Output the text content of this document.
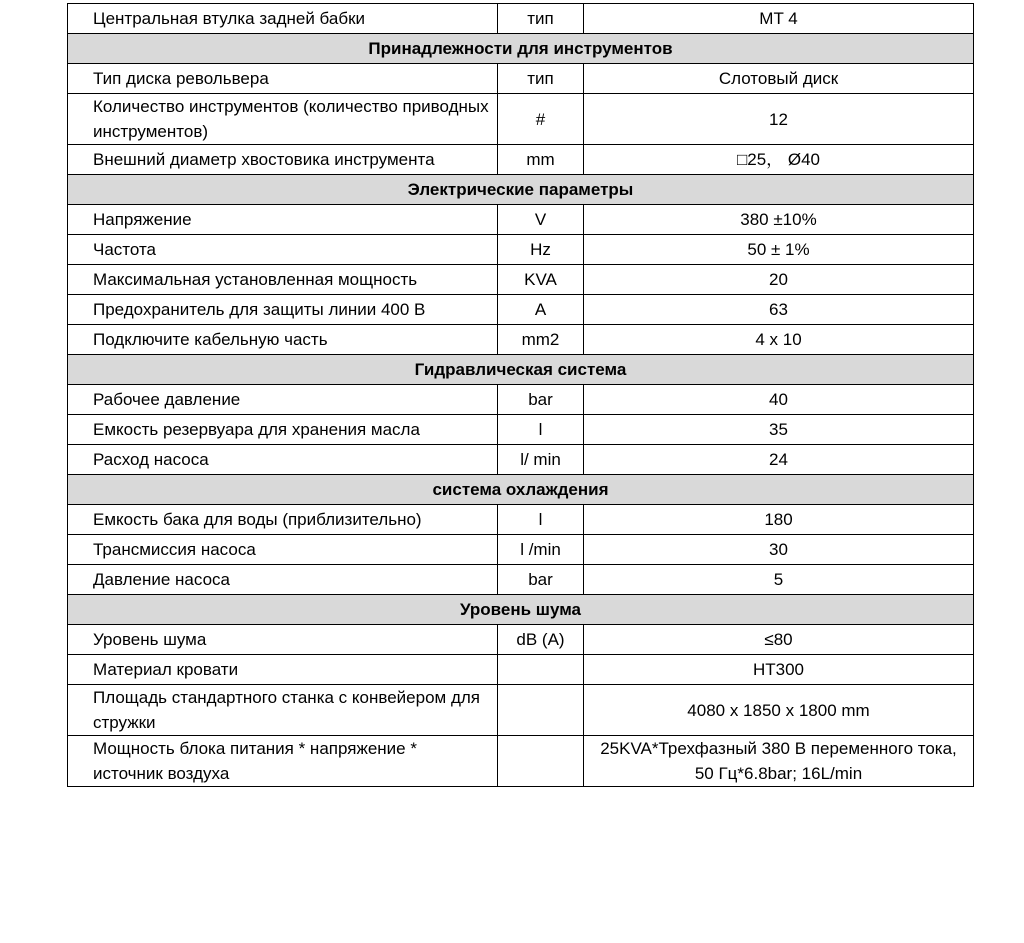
Центральная втулка задней бабки	тип	MT 4
Принадлежности для инструментов		
Тип диска револьвера	тип	Слотовый диск
Количество инструментов (количество приводных инструментов)	#	12
Внешний диаметр хвостовика инструмента	mm	□25， Ø40
Электрические параметры		
Напряжение	V	380 ±10%
Частота	Hz	50 ± 1%
Максимальная установленная мощность	KVA	20
Предохранитель для защиты линии 400 В	A	63
Подключите кабельную часть	mm2	4 x 10
Гидравлическая система		
Рабочее давление	bar	40
Емкость резервуара для хранения масла	l	35
Расход насоса	l/ min	24
система охлаждения		
Емкость бака для воды (приблизительно)	l	180
Трансмиссия насоса	l /min	30
Давление насоса	bar	5
Уровень шума		
Уровень шума	dB (A)	≤80
Материал кровати		HT300
Площадь стандартного станка с конвейером для стружки		4080 x 1850 x 1800 mm
Мощность блока питания * напряжение * источник воздуха		25KVA*Трехфазный 380 В переменного тока, 50 Гц*6.8bar; 16L/min
